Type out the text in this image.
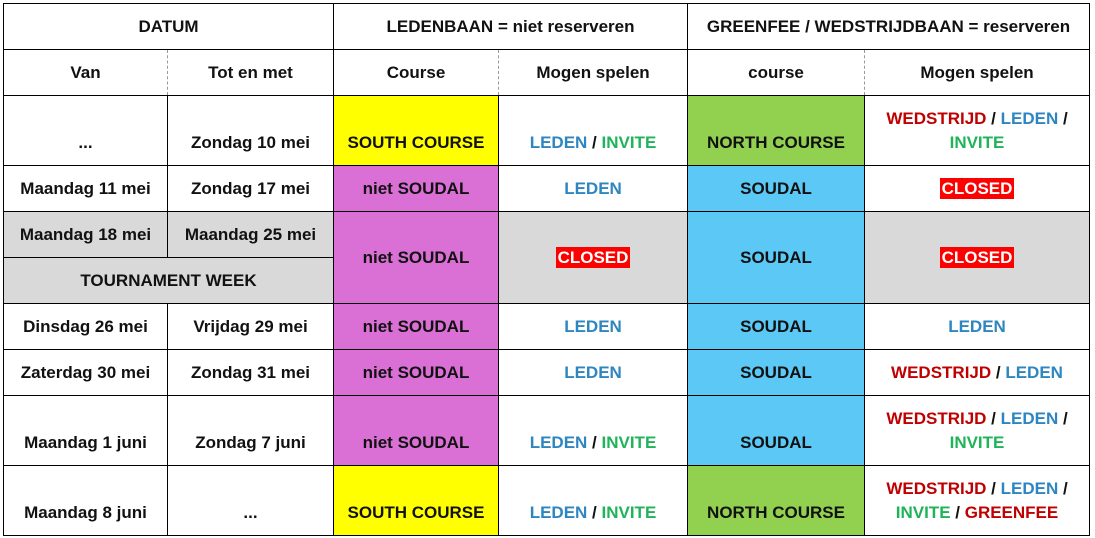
DATUM		LEDENBAAN = niet reserveren		GREENFEE / WEDSTRIJDBAAN = reserveren	
Van	Tot en met	Course	Mogen spelen	course	Mogen spelen
...	Zondag 10 mei	SOUTH COURSE	LEDEN / INVITE	NORTH COURSE	WEDSTRIJD / LEDEN /
INVITE
Maandag 11 mei	Zondag 17 mei	niet SOUDAL	LEDEN	SOUDAL	CLOSED
Maandag 18 mei	Maandag 25 mei	niet SOUDAL	CLOSED	SOUDAL	CLOSED
TOURNAMENT WEEK					
Dinsdag 26 mei	Vrijdag 29 mei	niet SOUDAL	LEDEN	SOUDAL	LEDEN
Zaterdag 30 mei	Zondag 31 mei	niet SOUDAL	LEDEN	SOUDAL	WEDSTRIJD / LEDEN
Maandag 1 juni	Zondag 7 juni	niet SOUDAL	LEDEN / INVITE	SOUDAL	WEDSTRIJD / LEDEN /
INVITE
Maandag 8 juni	...	SOUTH COURSE	LEDEN / INVITE	NORTH COURSE	WEDSTRIJD / LEDEN /
INVITE / GREENFEE
